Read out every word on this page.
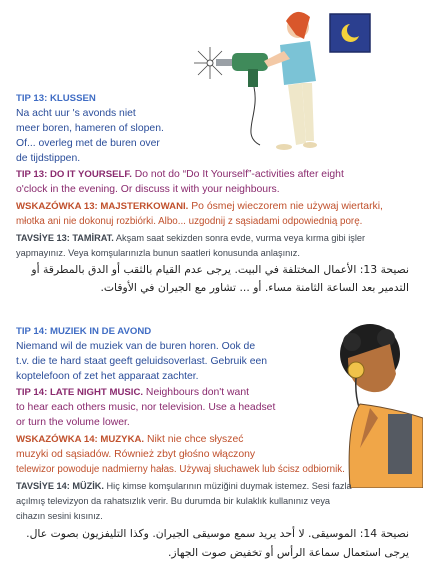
TIP 13: KLUSSEN
Na acht uur 's avonds niet
meer boren, hameren of slopen.
Of... overleg met de buren over
de tijdstippen.
TIP 13: DO IT YOURSELF. Do not do “Do It Yourself”-activities after eight
o'clock in the evening. Or discuss it with your neighbours.
WSKAZÓWKA 13: MAJSTERKOWANI. Po ósmej wieczorem nie używaj wiertarki,
młotka ani nie dokonuj rozbiórki. Albo... uzgodnij z sąsiadami odpowiednią porę.
TAVSİYE 13: TAMİRAT. Akşam saat sekizden sonra evde, vurma veya kırma gibi işler
yapmayınız. Veya komşularınızla bunun saatleri konusunda anlaşınız.
نصيحة 13: الأعمال المختلفة في البيت. يرجى عدم القيام بالثقب أو الدق بالمطرقة أو
التدمير بعد الساعة الثامنة مساء. أو ... تشاور مع الجيران في الأوقات.
TIP 14: MUZIEK IN DE AVOND
Niemand wil de muziek van de buren horen. Ook de
t.v. die te hard staat geeft geluidsoverlast. Gebruik een
koptelefoon of zet het apparaat zachter.
TIP 14: LATE NIGHT MUSIC. Neighbours don't want
to hear each others music, nor television. Use a headset
or turn the volume lower.
WSKAZÓWKA 14: MUZYKA. Nikt nie chce słyszeć
muzyki od sąsiadów. Również zbyt głośno włączony
telewizor powoduje nadmierny hałas. Używaj słuchawek lub ścisz odbiornik.
TAVSİYE 14: MÜZİK. Hiç kimse komşularının müziğini duymak istemez. Sesi fazla
açılmış televizyon da rahatsızlık verir. Bu durumda bir kulaklık kullanınız veya
cihazın sesini kısınız.
نصيحة 14: الموسيقى. لا أحد يريد سمع موسيقى الجيران. وكذا التليفزيون بصوت عال.
يرجى استعمال سماعة الرأس أو تخفيض صوت الجهاز.
